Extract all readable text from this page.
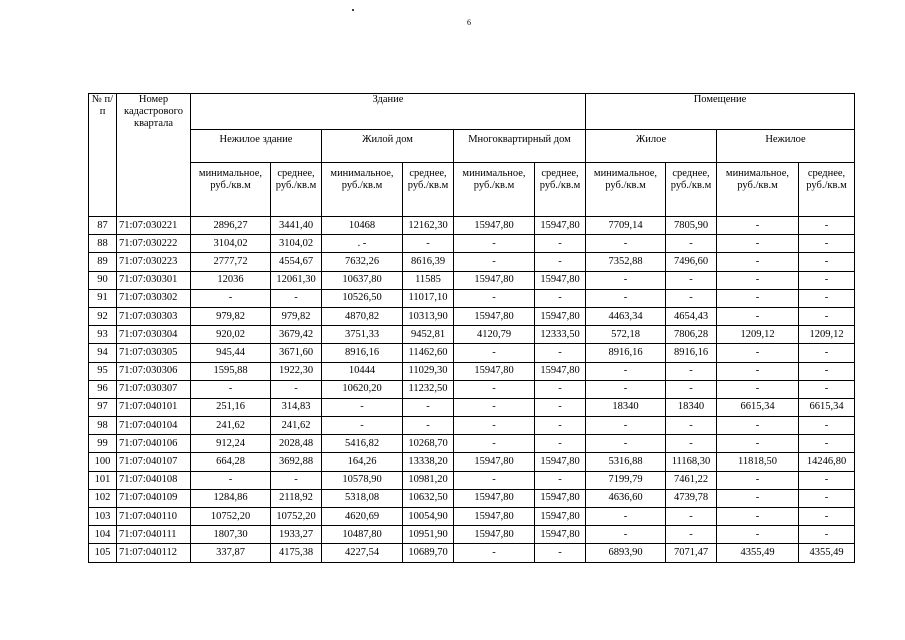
6
№ п/п	Номер кадастрового квартала	Здание						Помещение			
		Нежилое здание		Жилой дом		Многоквартирный дом		Жилое		Нежилое	
		минимальное, руб./кв.м	среднее, руб./кв.м	минимальное, руб./кв.м	среднее, руб./кв.м	минимальное, руб./кв.м	среднее, руб./кв.м	минимальное, руб./кв.м	среднее, руб./кв.м	минимальное, руб./кв.м	среднее, руб./кв.м
87	71:07:030221	2896,27	3441,40	10468	12162,30	15947,80	15947,80	7709,14	7805,90	-	-
88	71:07:030222	3104,02	3104,02	. -	-	-	-	-	-	-	-
89	71:07:030223	2777,72	4554,67	7632,26	8616,39	-	-	7352,88	7496,60	-	-
90	71:07:030301	12036	12061,30	10637,80	11585	15947,80	15947,80	-	-	-	-
91	71:07:030302	-	-	10526,50	11017,10	-	-	-	-	-	-
92	71:07:030303	979,82	979,82	4870,82	10313,90	15947,80	15947,80	4463,34	4654,43	-	-
93	71:07:030304	920,02	3679,42	3751,33	9452,81	4120,79	12333,50	572,18	7806,28	1209,12	1209,12
94	71:07:030305	945,44	3671,60	8916,16	11462,60	-	-	8916,16	8916,16	-	-
95	71:07:030306	1595,88	1922,30	10444	11029,30	15947,80	15947,80	-	-	-	-
96	71:07:030307	-	-	10620,20	11232,50	-	-	-	-	-	-
97	71:07:040101	251,16	314,83	-	-	-	-	18340	18340	6615,34	6615,34
98	71:07:040104	241,62	241,62	-	-	-	-	-	-	-	-
99	71:07:040106	912,24	2028,48	5416,82	10268,70	-	-	-	-	-	-
100	71:07:040107	664,28	3692,88	164,26	13338,20	15947,80	15947,80	5316,88	11168,30	11818,50	14246,80
101	71:07:040108	-	-	10578,90	10981,20	-	-	7199,79	7461,22	-	-
102	71:07:040109	1284,86	2118,92	5318,08	10632,50	15947,80	15947,80	4636,60	4739,78	-	-
103	71:07:040110	10752,20	10752,20	4620,69	10054,90	15947,80	15947,80	-	-	-	-
104	71:07:040111	1807,30	1933,27	10487,80	10951,90	15947,80	15947,80	-	-	-	-
105	71:07:040112	337,87	4175,38	4227,54	10689,70	-	-	6893,90	7071,47	4355,49	4355,49
